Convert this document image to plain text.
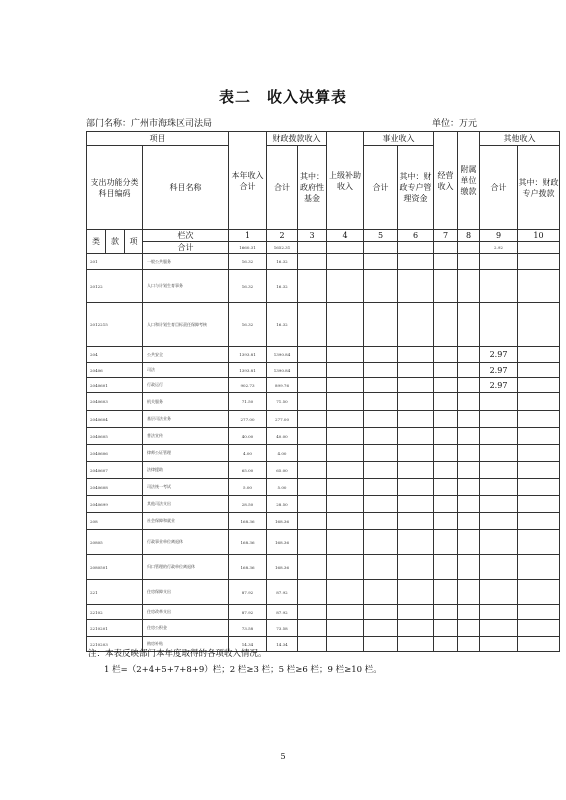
表二　收入决算表
部门名称：广州市海珠区司法局	单位：万元
项目				本年收入合计	财政拨款收入		上级补助收入	事业收入		经营收入	附属单位缴款	其他收入	
支出功能分类科目编码			科目名称		合计	其中：政府性基金		合计	其中：财政专户管理资金			合计	其中：财政专户拨款
类	款	项	栏次	1	2	3	4	5	6	7	8	9	10
			合计	1660.31	1652.31							2.92	
201			一般公共服务	16.32	16.32								
20122			人口与计划生育事务	16.32	16.32								
2012215			人口和计划生育目标责任保障考核	16.32	16.32								
204			公共安全	1393.81	1390.84							2.97	
20406			司法	1393.81	1390.84							2.97	
2040601			行政运行	902.73	899.76							2.97	
2040603			机关服务	71.50	71.50								
2040604			基层司法业务	277.00	277.00								
2040605			普法宣传	40.00	40.00								
2040606			律师公证管理	4.00	4.00								
2040607			法律援助	65.00	65.00								
2040608			司法统一考试	5.00	5.00								
2040699			其他司法支出	28.50	28.50								
208			社会保障和就业	168.36	168.36								
20805			行政事业单位离退休	168.36	168.36								
2080501			归口管理的行政单位离退休	168.36	168.36								
221			住房保障支出	87.92	87.92								
22102			住房改革支出	87.92	87.92								
2210201			住房公积金	73.58	73.58								
2210203			购房补贴	14.34	14.34								
注：本表反映部门本年度取得的各项收入情况。
1 栏=（2+4+5+7+8+9）栏；2 栏≥3 栏；5 栏≥6 栏；9 栏≥10 栏。
5
